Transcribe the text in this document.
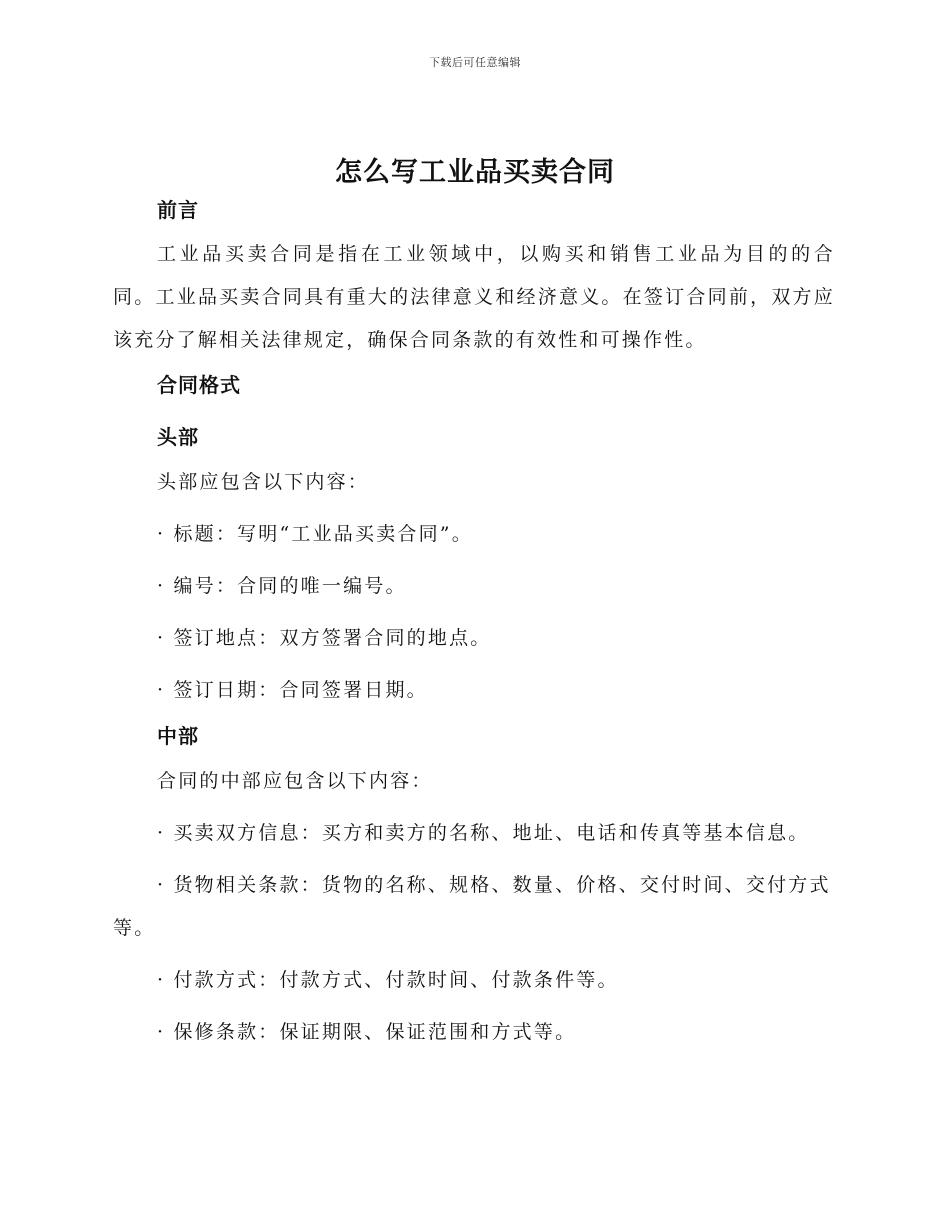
下载后可任意编辑
怎么写工业品买卖合同
前言
工业品买卖合同是指在工业领域中，以购买和销售工业品为目的的合同。工业品买卖合同具有重大的法律意义和经济意义。在签订合同前，双方应该充分了解相关法律规定，确保合同条款的有效性和可操作性。
合同格式
头部
头部应包含以下内容：
· 标题：写明“工业品买卖合同”。
· 编号：合同的唯一编号。
· 签订地点：双方签署合同的地点。
· 签订日期：合同签署日期。
中部
合同的中部应包含以下内容：
· 买卖双方信息：买方和卖方的名称、地址、电话和传真等基本信息。
· 货物相关条款：货物的名称、规格、数量、价格、交付时间、交付方式等。
· 付款方式：付款方式、付款时间、付款条件等。
· 保修条款：保证期限、保证范围和方式等。
